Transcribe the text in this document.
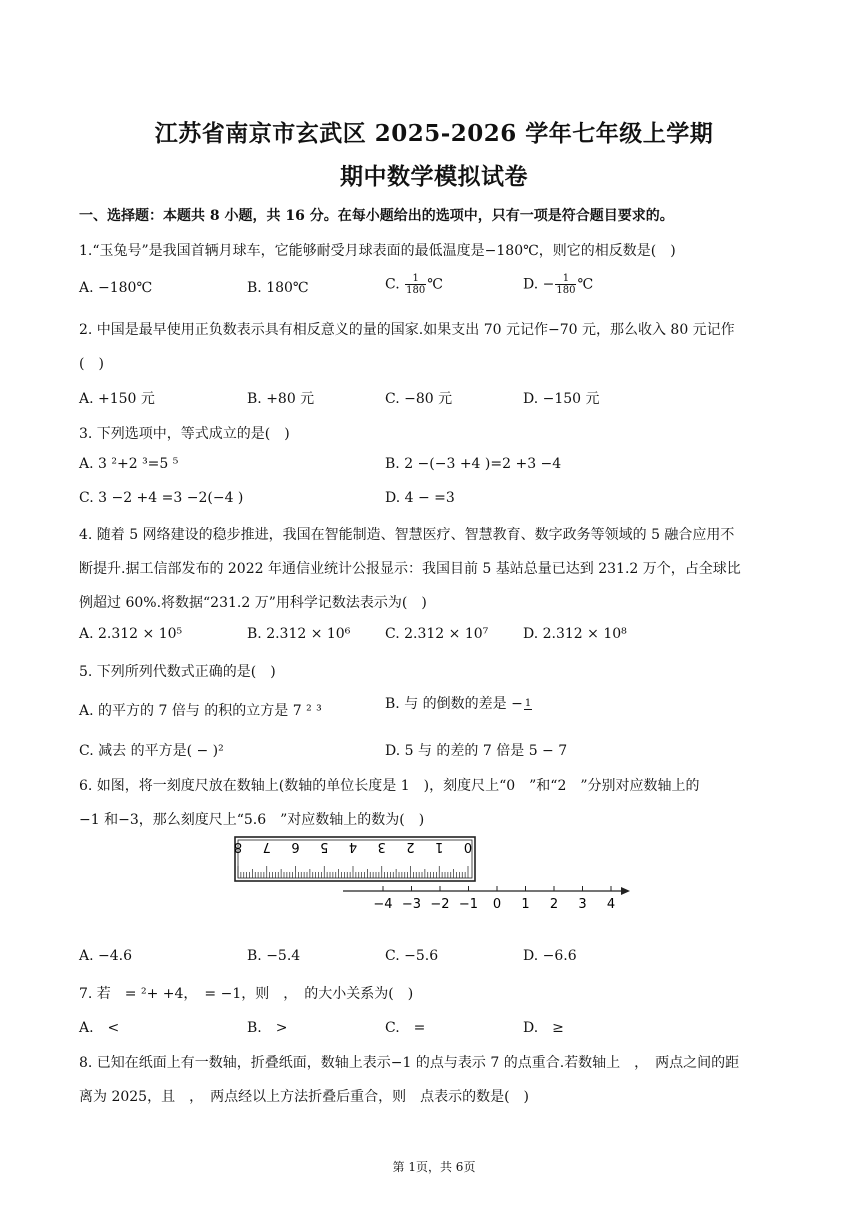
江苏省南京市玄武区 2025-2026 学年七年级上学期
期中数学模拟试卷
一、选择题：本题共 8 小题，共 16 分。在每小题给出的选项中，只有一项是符合题目要求的。
1.“玉兔号”是我国首辆月球车，它能够耐受月球表面的最低温度是−180℃，则它的相反数是(　)
A. −180℃	B. 180℃	C. $\frac{1}{180}$ ℃	D. − $\frac{1}{180}$ ℃
2. 中国是最早使用正负数表示具有相反意义的量的国家.如果支出 70 元记作−70 元，那么收入 80 元记作
(　)
A. +150 元	B. +80 元	C. −80 元	D. −150 元
3. 下列选项中，等式成立的是(　)
A. 3 ²+2 ³=5 ⁵	B. 2 −(−3 +4 )=2 +3 −4
C. 3 −2 +4 =3 −2(−4 )	D. 4 − =3
4. 随着 5 网络建设的稳步推进，我国在智能制造、智慧医疗、智慧教育、数字政务等领域的 5 融合应用不
断提升.据工信部发布的 2022 年通信业统计公报显示：我国目前 5 基站总量已达到 231.2 万个，占全球比
例超过 60%.将数据“231.2 万”用科学记数法表示为(　)
A. 2.312 × 10⁵	B. 2.312 × 10⁶ C. 2.312 × 10⁷ D. 2.312 × 10⁸
5. 下列所列代数式正确的是(　)
A. 的平方的 7 倍与 的积的立方是 7 ² ³	B. 与 的倒数的差是 − 1
C. 减去 的平方是( − )²	D. 5 与 的差的 7 倍是 5 − 7
6. 如图，将一刻度尺放在数轴上(数轴的单位长度是 1　)，刻度尺上“0　”和“2　”分别对应数轴上的
−1 和−3，那么刻度尺上“5.6　”对应数轴上的数为(　)
0
1
2
3
4
5
6
7
8
−4 −3 −2 −1 0 1 2 3 4
A. −4.6	B. −5.4	C. −5.6	D. −6.6
7. 若　= ²+ +4，　= −1，则　，　的大小关系为(　)
A.　<	B.　>	C.　=	D.　≥
8. 已知在纸面上有一数轴，折叠纸面，数轴上表示−1 的点与表示 7 的点重合.若数轴上　，　两点之间的距
离为 2025，且　，　两点经以上方法折叠后重合，则　点表示的数是(　)
第 1页，共 6页
